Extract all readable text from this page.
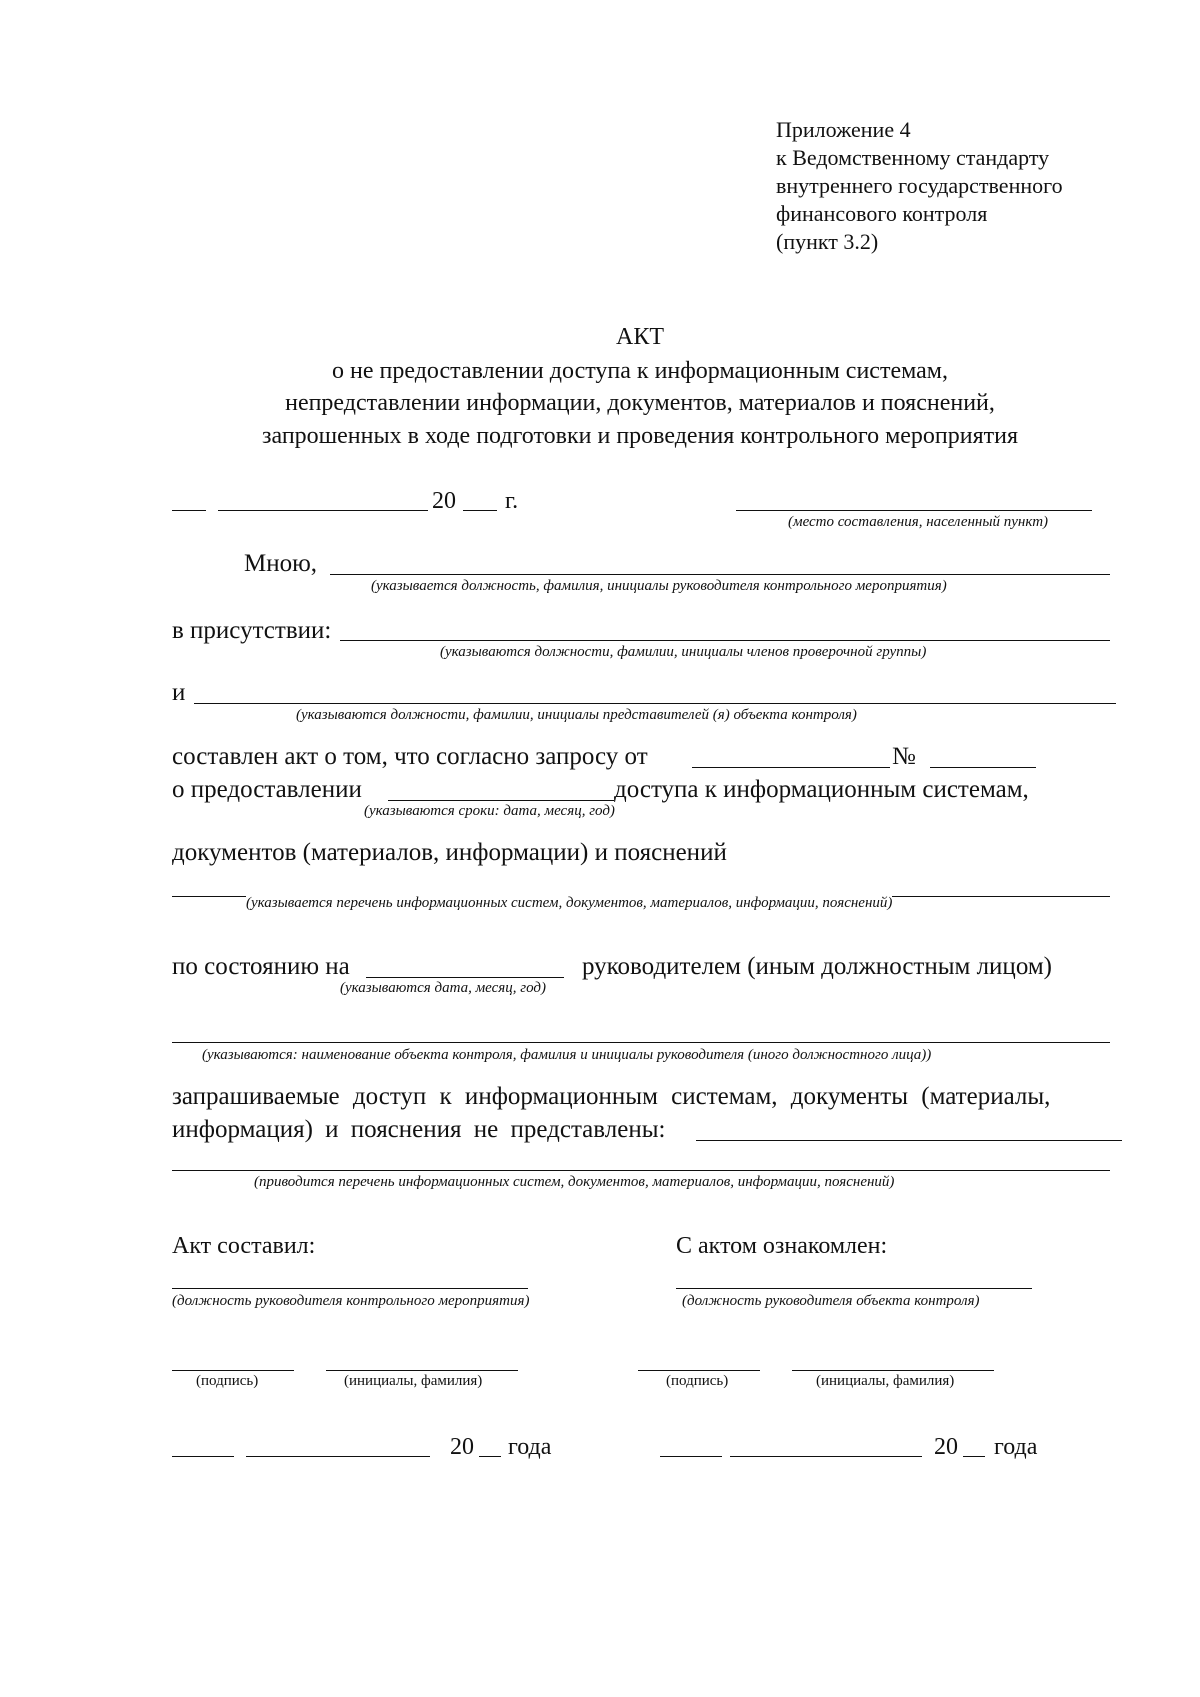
Приложение 4
к Ведомственному стандарту
внутреннего государственного
финансового контроля
(пункт 3.2)
АКТ
о не предоставлении доступа к информационным системам,
непредставлении информации, документов, материалов и пояснений,
запрошенных в ходе подготовки и проведения контрольного мероприятия
20 г.
(место составления, населенный пункт)
Мною,
(указывается должность, фамилия, инициалы руководителя контрольного мероприятия)
в присутствии:
(указываются должности, фамилии, инициалы членов проверочной группы)
и
(указываются должности, фамилии, инициалы представителей (я) объекта контроля)
составлен акт о том, что согласно запросу от	№
о предоставлении	доступа к информационным системам,
(указываются сроки: дата, месяц, год)
документов (материалов, информации) и пояснений
(указывается перечень информационных систем, документов, материалов, информации, пояснений)
по состоянию на	руководителем (иным должностным лицом)
(указываются дата, месяц, год)
(указываются: наименование объекта контроля, фамилия и инициалы руководителя (иного должностного лица))
запрашиваемые доступ к информационным системам, документы (материалы,
информация) и пояснения не представлены:
(приводится перечень информационных систем, документов, материалов, информации, пояснений)
Акт составил:	С актом ознакомлен:
(должность руководителя контрольного мероприятия)	(должность руководителя объекта контроля)
(подпись)	(инициалы, фамилия)	(подпись)	(инициалы, фамилия)
20 года	20 года
